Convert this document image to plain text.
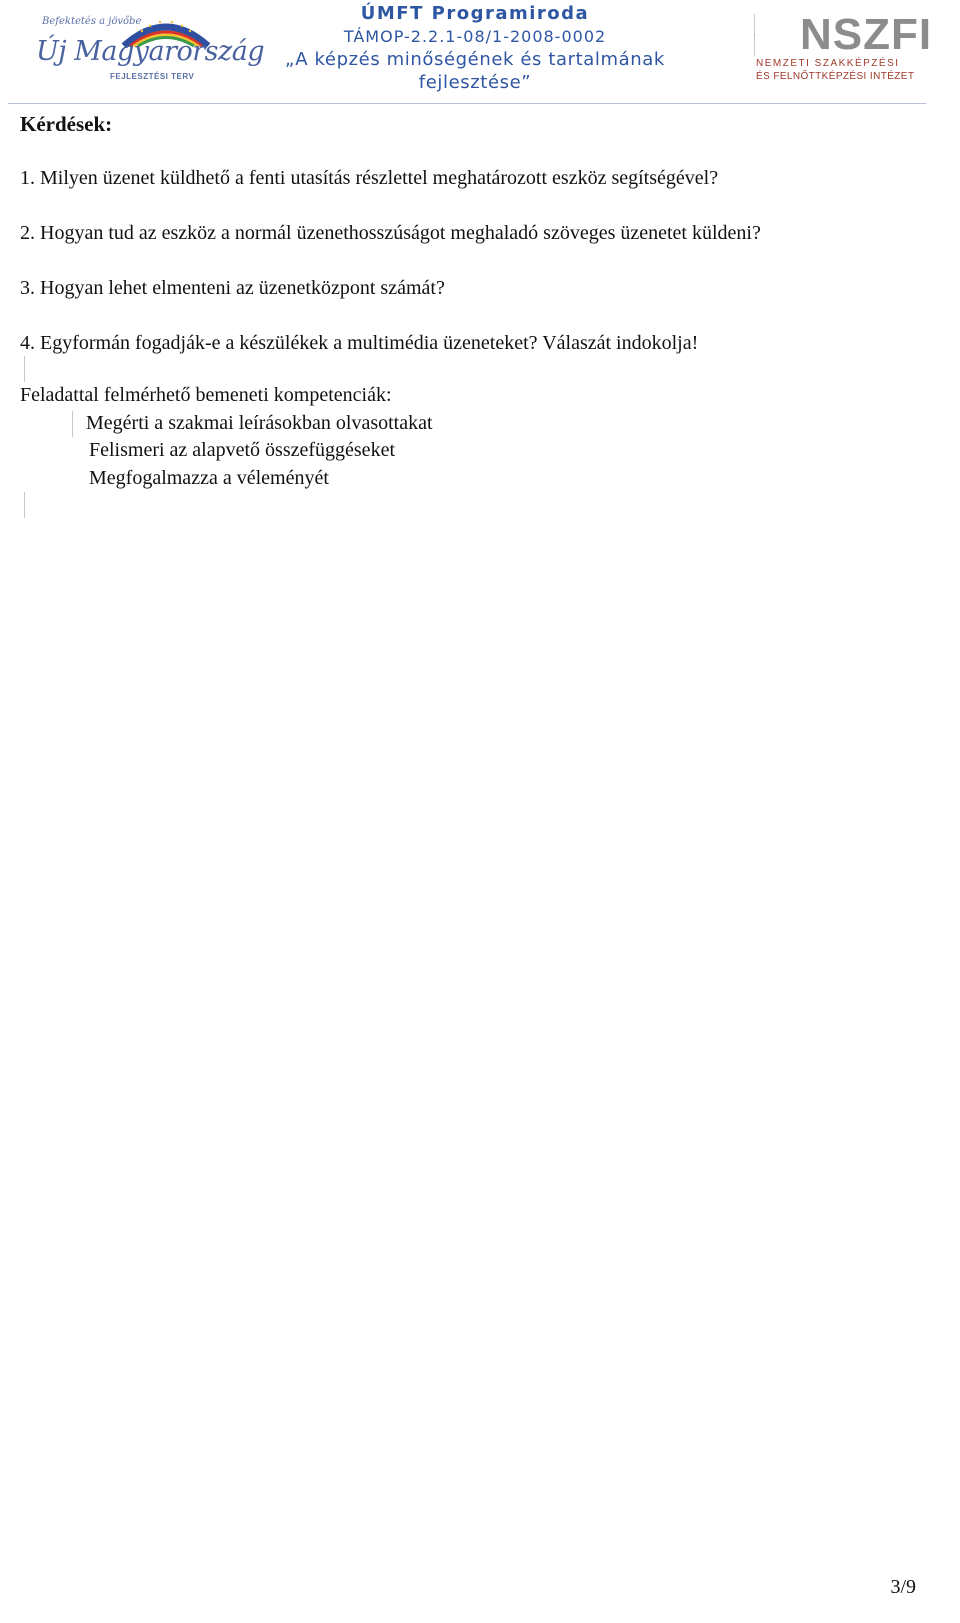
Befektetés a jövőbe
Új Magyarország
FEJLESZTÉSI TERV
ÚMFT Programiroda
TÁMOP-2.2.1-08/1-2008-0002
„A képzés minőségének és tartalmának
fejlesztése”
NSZFI
NEMZETI SZAKKÉPZÉSI
ÉS FELNŐTTKÉPZÉSI INTÉZET
Kérdések:
1. Milyen üzenet küldhető a fenti utasítás részlettel meghatározott eszköz segítségével?
2. Hogyan tud az eszköz a normál üzenethosszúságot meghaladó szöveges üzenetet küldeni?
3. Hogyan lehet elmenteni az üzenetközpont számát?
4. Egyformán fogadják-e a készülékek a multimédia üzeneteket? Válaszát indokolja!
Feladattal felmérhető bemeneti kompetenciák:
Megérti a szakmai leírásokban olvasottakat
Felismeri az alapvető összefüggéseket
Megfogalmazza a véleményét
3/9
